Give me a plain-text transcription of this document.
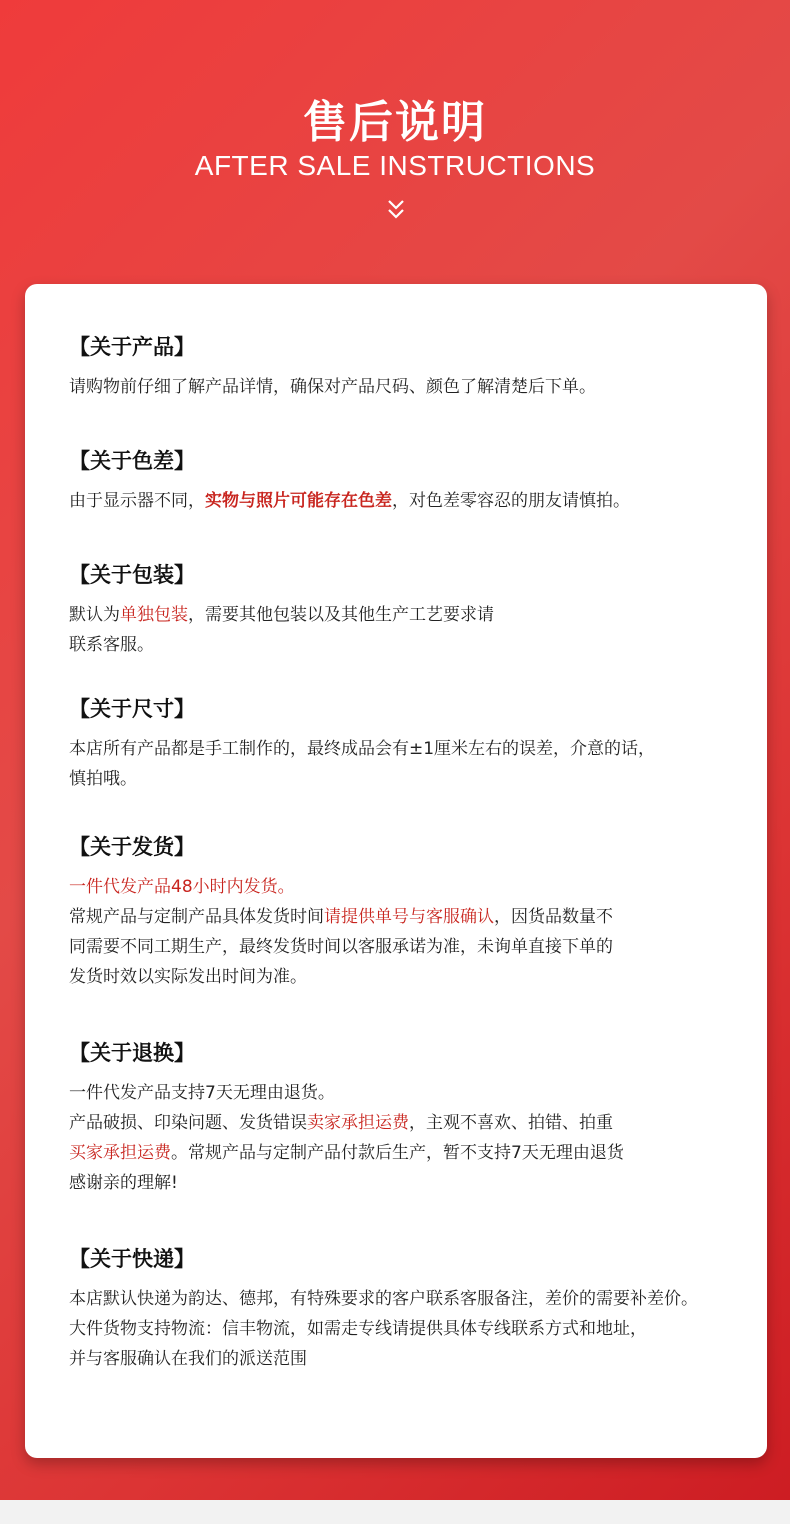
售后说明
AFTER SALE INSTRUCTIONS
【关于产品】
请购物前仔细了解产品详情，确保对产品尺码、颜色了解清楚后下单。
【关于色差】
由于显示器不同，实物与照片可能存在色差，对色差零容忍的朋友请慎拍。
【关于包装】
默认为单独包装，需要其他包装以及其他生产工艺要求请
联系客服。
【关于尺寸】
本店所有产品都是手工制作的，最终成品会有±1厘米左右的误差，介意的话，
慎拍哦。
【关于发货】
一件代发产品48小时内发货。
常规产品与定制产品具体发货时间请提供单号与客服确认，因货品数量不
同需要不同工期生产，最终发货时间以客服承诺为准，未询单直接下单的
发货时效以实际发出时间为准。
【关于退换】
一件代发产品支持7天无理由退货。
产品破损、印染问题、发货错误卖家承担运费，主观不喜欢、拍错、拍重
买家承担运费。常规产品与定制产品付款后生产，暂不支持7天无理由退货
感谢亲的理解!
【关于快递】
本店默认快递为韵达、德邦，有特殊要求的客户联系客服备注，差价的需要补差价。
大件货物支持物流：信丰物流，如需走专线请提供具体专线联系方式和地址，
并与客服确认在我们的派送范围
